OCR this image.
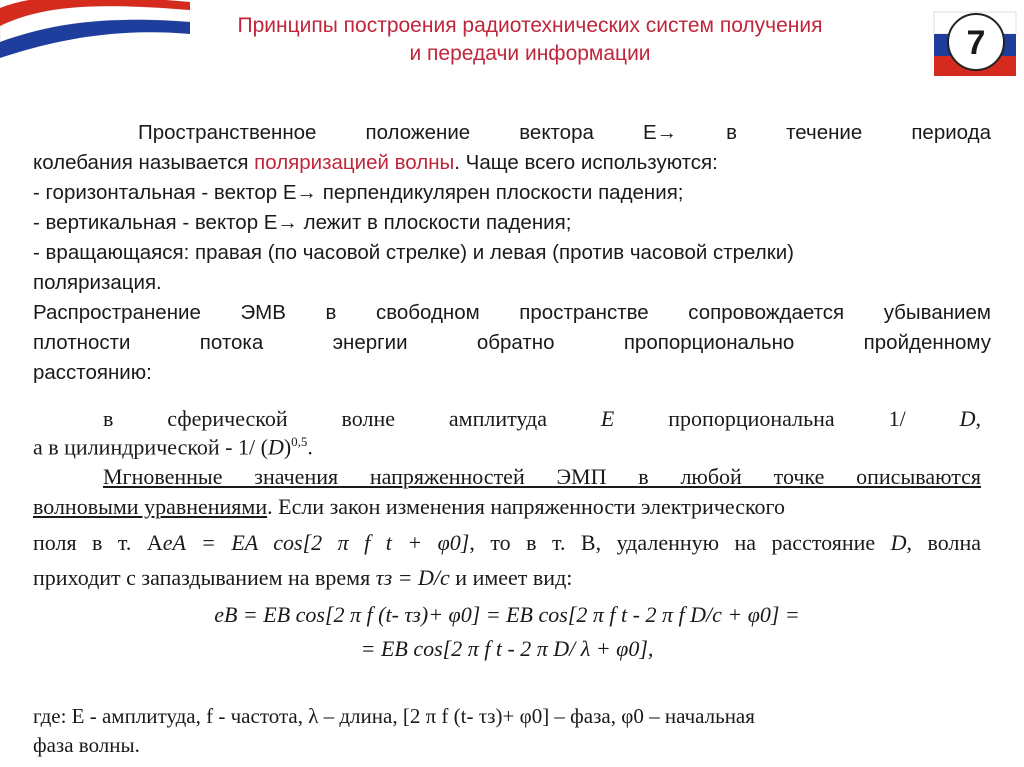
7
Принципы построения радиотехнических систем получения
и передачи информации
Пространственное положение вектора Е→ в течение периода
колебания называется поляризацией волны. Чаще всего используются:
- горизонтальная - вектор Е→ перпендикулярен плоскости падения;
- вертикальная - вектор Е→ лежит в плоскости падения;
- вращающаяся: правая (по часовой стрелке) и левая (против часовой стрелки)
поляризация.
Распространение ЭМВ в свободном пространстве сопровождается убыванием
плотности потока энергии обратно пропорционально пройденному
расстоянию:
в сферической волне амплитуда E пропорциональна 1/ D,
а в цилиндрической - 1/ $(D)^{0,5}$.
Мгновенные значения напряженностей ЭМП в любой точке описываются
волновыми уравнениями. Если закон изменения напряженности электрического
поля в т. АeA = EA cos[2 π f t + φ0], то в т. В, удаленную на расстояние D, волна
приходит с запаздыванием на время τз = D/c и имеет вид:
eB = EB cos[2 π f (t- τз)+ φ0] = EB cos[2 π f t - 2 π f D/c + φ0] =
= EB cos[2 π f t - 2 π D/ λ + φ0],
где: E - амплитуда, f - частота, λ – длина, [2 π f (t- τз)+ φ0] – фаза, φ0 – начальная
фаза волны.
